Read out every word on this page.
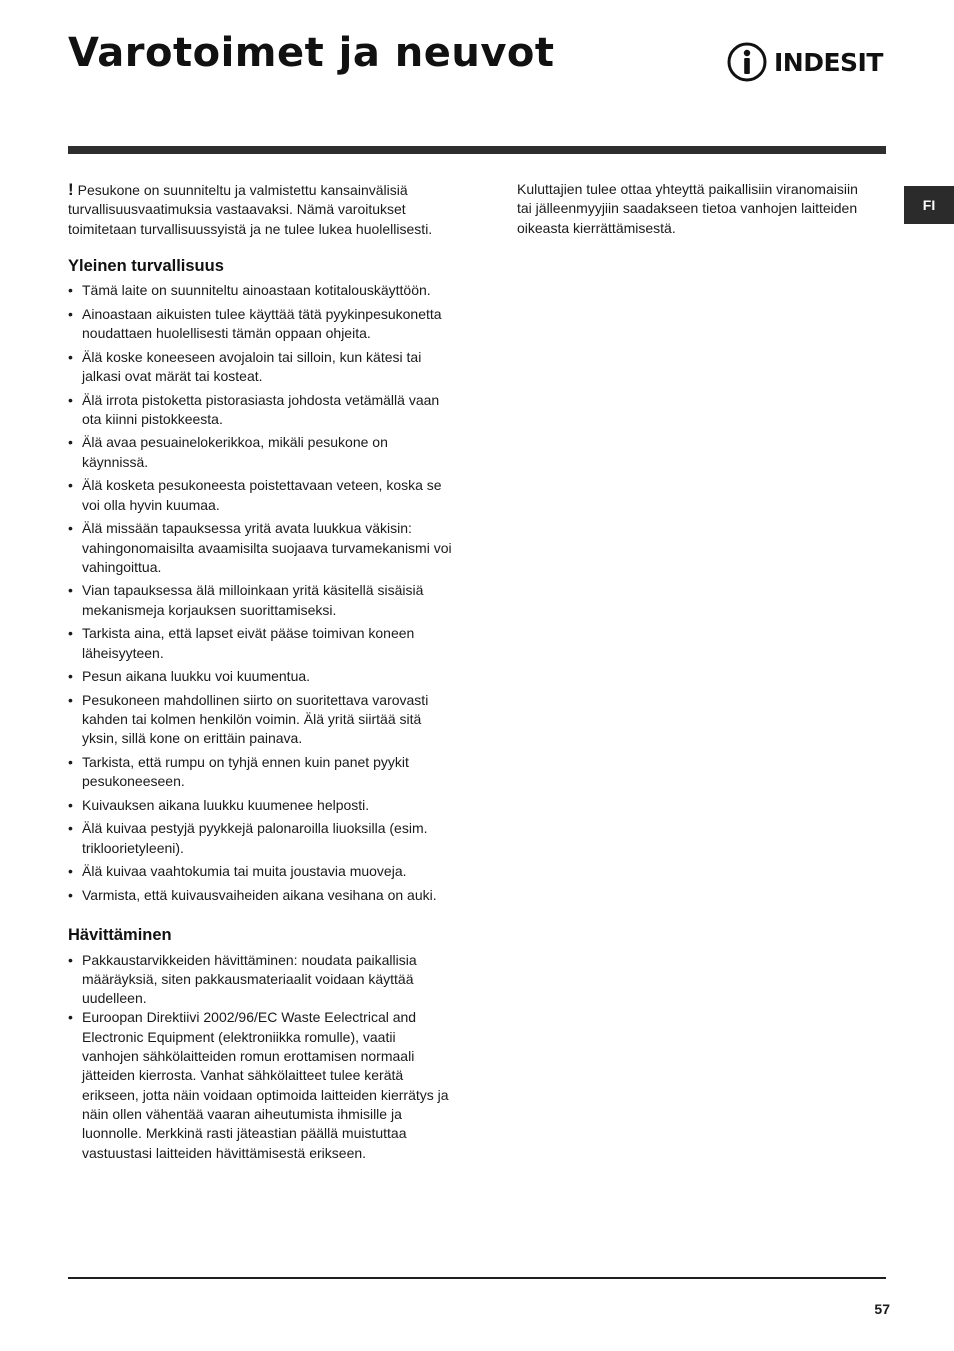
Varotoimet ja neuvot	INDESIT
FI

! Pesukone on suunniteltu ja valmistettu kansainvälisiä turvallisuusvaatimuksia vastaavaksi. Nämä varoitukset toimitetaan turvallisuussyistä ja ne tulee lukea huolellisesti.

Yleinen turvallisuus
• Tämä laite on suunniteltu ainoastaan kotitalouskäyttöön.
• Ainoastaan aikuisten tulee käyttää tätä pyykinpesukonetta noudattaen huolellisesti tämän oppaan ohjeita.
• Älä koske koneeseen avojaloin tai silloin, kun kätesi tai jalkasi ovat märät tai kosteat.
• Älä irrota pistoketta pistorasiasta johdosta vetämällä vaan ota kiinni pistokkeesta.
• Älä avaa pesuainelokerikkoa, mikäli pesukone on käynnissä.
• Älä kosketa pesukoneesta poistettavaan veteen, koska se voi olla hyvin kuumaa.
• Älä missään tapauksessa yritä avata luukkua väkisin: vahingonomaisilta avaamisilta suojaava turvamekanismi voi vahingoittua.
• Vian tapauksessa älä milloinkaan yritä käsitellä sisäisiä mekanismeja korjauksen suorittamiseksi.
• Tarkista aina, että lapset eivät pääse toimivan koneen läheisyyteen.
• Pesun aikana luukku voi kuumentua.
• Pesukoneen mahdollinen siirto on suoritettava varovasti kahden tai kolmen henkilön voimin. Älä yritä siirtää sitä yksin, sillä kone on erittäin painava.
• Tarkista, että rumpu on tyhjä ennen kuin panet pyykit pesukoneeseen.
• Kuivauksen aikana luukku kuumenee helposti.
• Älä kuivaa pestyjä pyykkejä palonaroilla liuoksilla (esim. trikloorietyleeni).
• Älä kuivaa vaahtokumia tai muita joustavia muoveja.
• Varmista, että kuivausvaiheiden aikana vesihana on auki.
Hävittäminen
• Pakkaustarvikkeiden hävittäminen: noudata paikallisia määräyksiä, siten pakkausmateriaalit voidaan käyttää uudelleen.
• Euroopan Direktiivi 2002/96/EC Waste Eelectrical and Electronic Equipment (elektroniikka romulle), vaatii vanhojen sähkölaitteiden romun erottamisen normaali jätteiden kierrosta. Vanhat sähkölaitteet tulee kerätä erikseen, jotta näin voidaan optimoida laitteiden kierrätys ja näin ollen vähentää vaaran aiheutumista ihmisille ja luonnolle. Merkkinä rasti jäteastian päällä muistuttaa vastuustasi laitteiden hävittämisestä erikseen.

Kuluttajien tulee ottaa yhteyttä paikallisiin viranomaisiin tai jälleenmyyjiin saadakseen tietoa vanhojen laitteiden oikeasta kierrättämisestä.

57
